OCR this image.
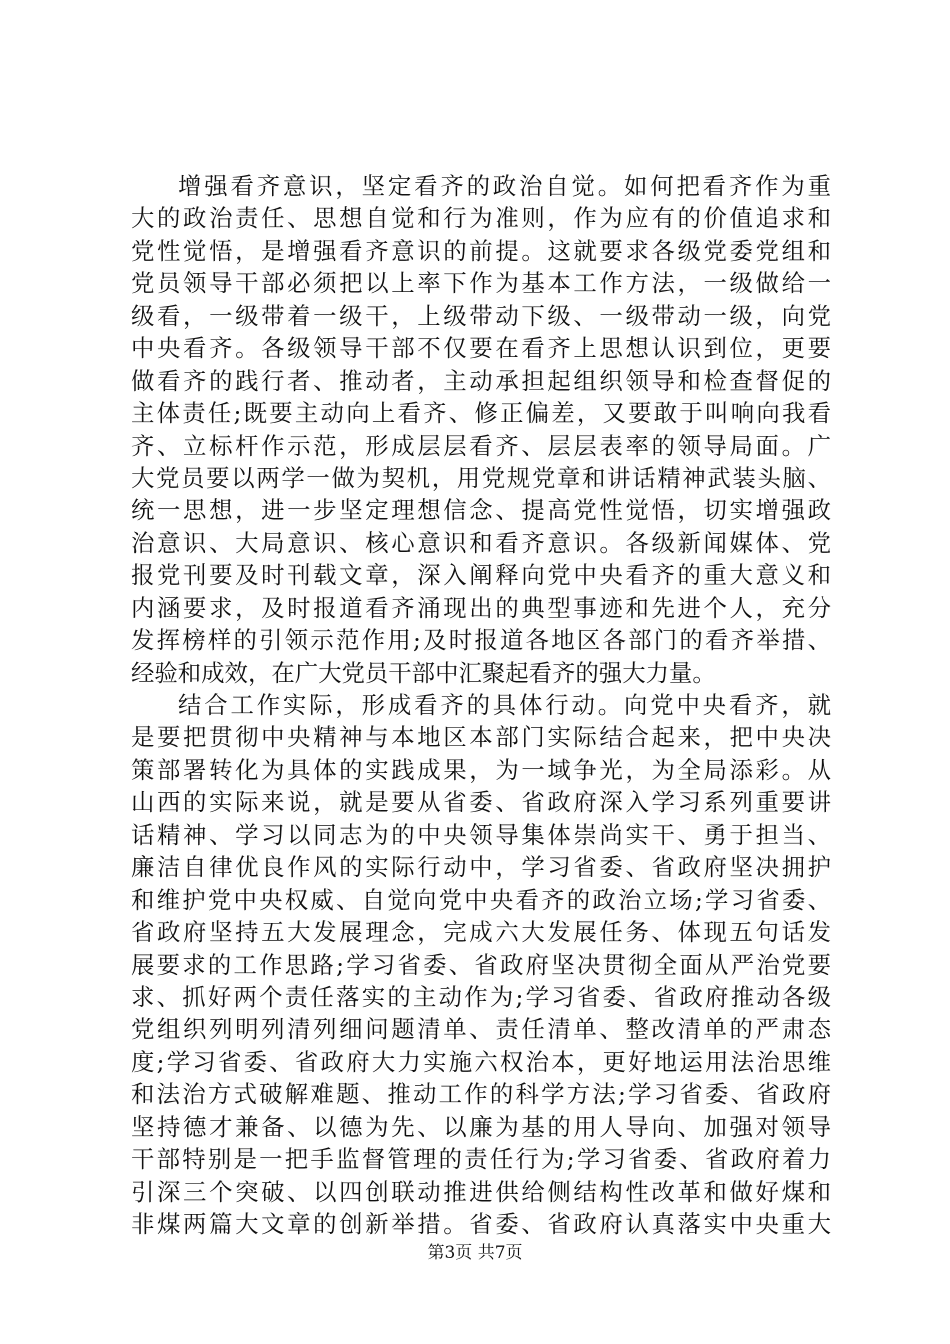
增强看齐意识，坚定看齐的政治自觉。如何把看齐作为重
大的政治责任、思想自觉和行为准则，作为应有的价值追求和
党性觉悟，是增强看齐意识的前提。这就要求各级党委党组和
党员领导干部必须把以上率下作为基本工作方法，一级做给一
级看，一级带着一级干，上级带动下级、一级带动一级，向党
中央看齐。各级领导干部不仅要在看齐上思想认识到位，更要
做看齐的践行者、推动者，主动承担起组织领导和检查督促的
主体责任;既要主动向上看齐、修正偏差，又要敢于叫响向我看
齐、立标杆作示范，形成层层看齐、层层表率的领导局面。广
大党员要以两学一做为契机，用党规党章和讲话精神武装头脑、
统一思想，进一步坚定理想信念、提高党性觉悟，切实增强政
治意识、大局意识、核心意识和看齐意识。各级新闻媒体、党
报党刊要及时刊载文章，深入阐释向党中央看齐的重大意义和
内涵要求，及时报道看齐涌现出的典型事迹和先进个人，充分
发挥榜样的引领示范作用;及时报道各地区各部门的看齐举措、
经验和成效，在广大党员干部中汇聚起看齐的强大力量。
结合工作实际，形成看齐的具体行动。向党中央看齐，就
是要把贯彻中央精神与本地区本部门实际结合起来，把中央决
策部署转化为具体的实践成果，为一域争光，为全局添彩。从
山西的实际来说，就是要从省委、省政府深入学习系列重要讲
话精神、学习以同志为的中央领导集体崇尚实干、勇于担当、
廉洁自律优良作风的实际行动中，学习省委、省政府坚决拥护
和维护党中央权威、自觉向党中央看齐的政治立场;学习省委、
省政府坚持五大发展理念，完成六大发展任务、体现五句话发
展要求的工作思路;学习省委、省政府坚决贯彻全面从严治党要
求、抓好两个责任落实的主动作为;学习省委、省政府推动各级
党组织列明列清列细问题清单、责任清单、整改清单的严肃态
度;学习省委、省政府大力实施六权治本，更好地运用法治思维
和法治方式破解难题、推动工作的科学方法;学习省委、省政府
坚持德才兼备、以德为先、以廉为基的用人导向、加强对领导
干部特别是一把手监督管理的责任行为;学习省委、省政府着力
引深三个突破、以四创联动推进供给侧结构性改革和做好煤和
非煤两篇大文章的创新举措。省委、省政府认真落实中央重大
第3页 共7页
